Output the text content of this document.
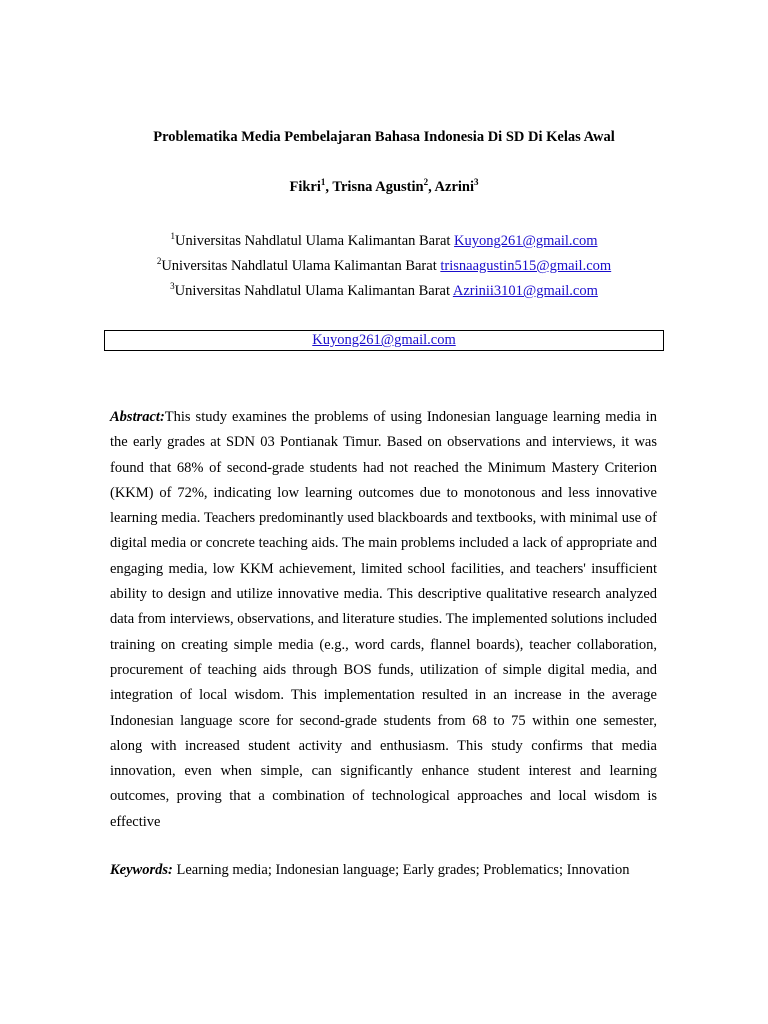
Problematika Media Pembelajaran Bahasa Indonesia Di SD Di Kelas Awal
Fikri$^1$, Trisna Agustin$^2$, Azrini$^3$
$^1$Universitas Nahdlatul Ulama Kalimantan Barat Kuyong261@gmail.com
$^2$Universitas Nahdlatul Ulama Kalimantan Barat trisnaagustin515@gmail.com
$^3$Universitas Nahdlatul Ulama Kalimantan Barat Azrinii3101@gmail.com
Kuyong261@gmail.com

Abstract:This study examines the problems of using Indonesian language learning media in the early grades at SDN 03 Pontianak Timur. Based on observations and interviews, it was found that 68% of second-grade students had not reached the Minimum Mastery Criterion (KKM) of 72%, indicating low learning outcomes due to monotonous and less innovative learning media. Teachers predominantly used blackboards and textbooks, with minimal use of digital media or concrete teaching aids. The main problems included a lack of appropriate and engaging media, low KKM achievement, limited school facilities, and teachers' insufficient ability to design and utilize innovative media. This descriptive qualitative research analyzed data from interviews, observations, and literature studies. The implemented solutions included training on creating simple media (e.g., word cards, flannel boards), teacher collaboration, procurement of teaching aids through BOS funds, utilization of simple digital media, and integration of local wisdom. This implementation resulted in an increase in the average Indonesian language score for second-grade students from 68 to 75 within one semester, along with increased student activity and enthusiasm. This study confirms that media innovation, even when simple, can significantly enhance student interest and learning outcomes, proving that a combination of technological approaches and local wisdom is effective

Keywords: Learning media; Indonesian language; Early grades; Problematics; Innovation
